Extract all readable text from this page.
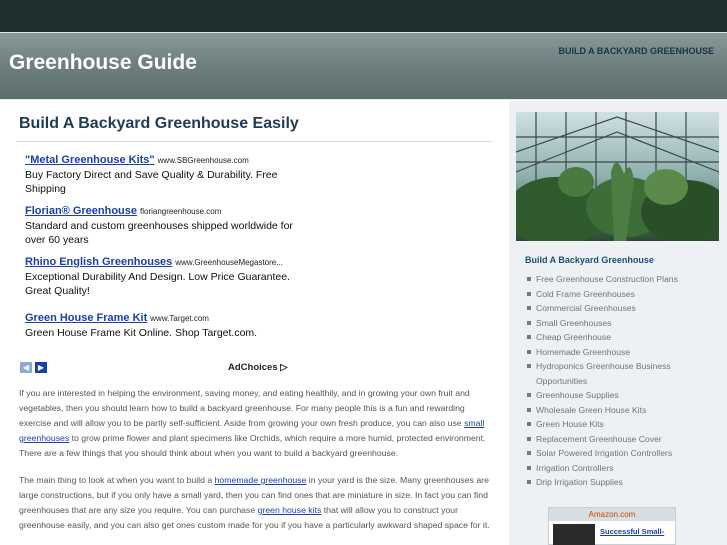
Greenhouse Guide	BUILD A BACKYARD GREENHOUSE
Build A Backyard Greenhouse Easily
"Metal Greenhouse Kits" www.SBGreenhouse.com
Buy Factory Direct and Save Quality & Durability. Free Shipping
Florian® Greenhouse floriangreenhouse.com
Standard and custom greenhouses shipped worldwide for over 60 years
Rhino English Greenhouses www.GreenhouseMegastore...
Exceptional Durability And Design. Low Price Guarantee. Great Quality!
Green House Frame Kit www.Target.com
Green House Frame Kit Online. Shop Target.com.
◀	▶	AdChoices ▷

If you are interested in helping the environment, saving money, and eating healthily, and in growing your own fruit and vegetables, then you should learn how to build a backyard greenhouse. For many people this is a fun and rewarding exercise and will allow you to be partly self-sufficient. Aside from growing your own fresh produce, you can also use small greenhouses to grow prime flower and plant specimens like Orchids, which require a more humid, protected environment. There are a few things that you should think about when you want to build a backyard greenhouse.

The main thing to look at when you want to build a homemade greenhouse in your yard is the size. Many greenhouses are large constructions, but if you only have a small yard, then you can find ones that are miniature in size. In fact you can find greenhouses that are any size you require. You can purchase green house kits that will allow you to construct your greenhouse easily, and you can also get ones custom made for you if you have a particularly awkward shaped space for it.

Build A Backyard Greenhouse
Free Greenhouse Construction Plans
Cold Frame Greenhouses
Commercial Greenhouses
Small Greenhouses
Cheap Greenhouse
Homemade Greenhouse
Hydroponics Greenhouse Business Opportunities
Greenhouse Supplies
Wholesale Green House Kits
Green House Kits
Replacement Greenhouse Cover
Solar Powered Irrigation Controllers
Irrigation Controllers
Drip Irrigation Supplies
Amazon.com
Successful Small-
